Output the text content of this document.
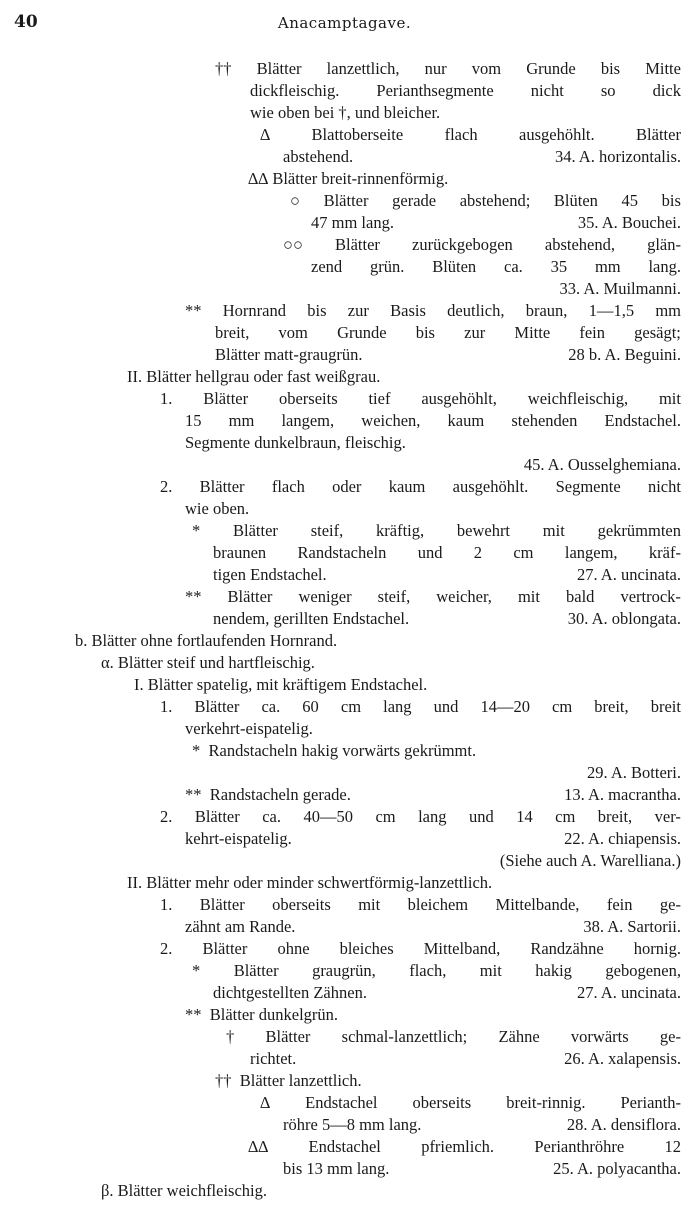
40	Anacamptagave.
†† Blätter lanzettlich, nur vom Grunde bis Mitte
dickfleischig. Perianthsegmente nicht so dick
wie oben bei †, und bleicher.
∆	Blattoberseite	flach	ausgehöhlt.	Blätter
abstehend.	34. A. horizontalis.
∆∆ Blätter breit-rinnenförmig.
○ Blätter gerade abstehend; Blüten 45 bis
47 mm lang.	35. A. Bouchei.
○○ Blätter zurückgebogen abstehend, glän-
zend grün. Blüten ca. 35 mm lang.
33. A. Muilmanni.
** Hornrand bis zur Basis deutlich, braun, 1—1,5 mm
breit, vom Grunde bis zur Mitte fein gesägt;
Blätter matt-graugrün.	28 b. A. Beguini.
II. Blätter hellgrau oder fast weißgrau.
1. Blätter oberseits tief ausgehöhlt, weichfleischig, mit
15 mm langem, weichen, kaum stehenden Endstachel.
Segmente dunkelbraun, fleischig.
45. A. Ousselghemiana.
2. Blätter flach oder kaum ausgehöhlt. Segmente nicht
wie oben.
* Blätter steif, kräftig, bewehrt mit gekrümmten
braunen Randstacheln und 2 cm langem, kräf-
tigen Endstachel.	27. A. uncinata.
** Blätter weniger steif, weicher, mit bald vertrock-
nendem, gerillten Endstachel.	30. A. oblongata.
b. Blätter ohne fortlaufenden Hornrand.
α. Blätter steif und hartfleischig.
I. Blätter spatelig, mit kräftigem Endstachel.
1. Blätter ca. 60 cm lang und 14—20 cm breit, breit
verkehrt-eispatelig.
*  Randstacheln hakig vorwärts gekrümmt.
29. A. Botteri.
**  Randstacheln gerade.	13. A. macrantha.
2. Blätter ca. 40—50 cm lang und 14 cm breit, ver-
kehrt-eispatelig.	22. A. chiapensis.
(Siehe auch A. Warelliana.)
II. Blätter mehr oder minder schwertförmig-lanzettlich.
1. Blätter oberseits mit bleichem Mittelbande, fein ge-
zähnt am Rande.	38. A. Sartorii.
2. Blätter ohne bleiches Mittelband, Randzähne hornig.
* Blätter graugrün, flach, mit hakig gebogenen,
dichtgestellten Zähnen.	27. A. uncinata.
**  Blätter dunkelgrün.
† Blätter schmal-lanzettlich; Zähne vorwärts ge-
richtet.	26. A. xalapensis.
††  Blätter lanzettlich.
∆ Endstachel oberseits breit-rinnig. Perianth-
röhre 5—8 mm lang.	28. A. densiflora.
∆∆ Endstachel pfriemlich. Perianthröhre 12
bis 13 mm lang.	25. A. polyacantha.
β. Blätter weichfleischig.
